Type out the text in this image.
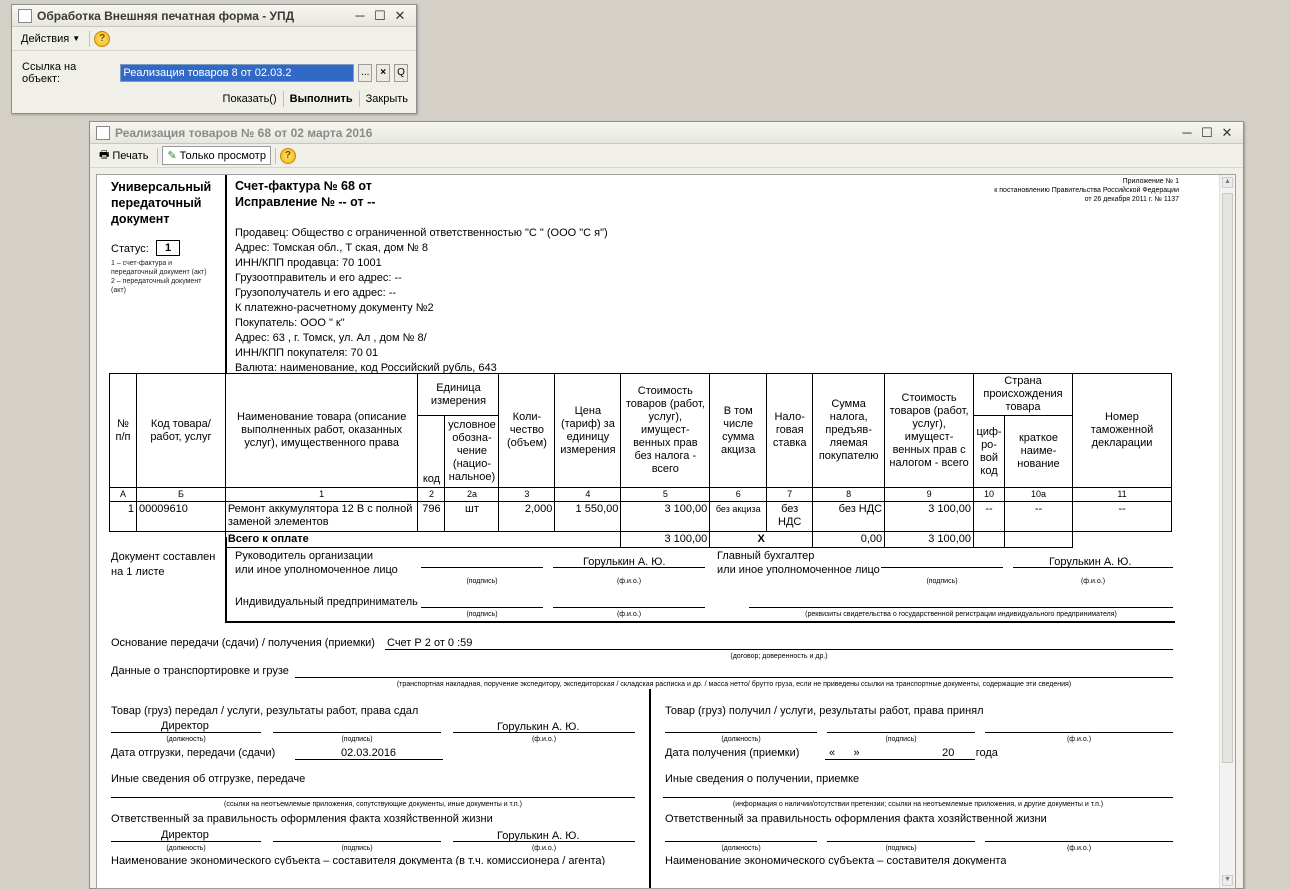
Обработка Внешняя печатная форма - УПД	─ ☐ ✕
Действия ▼	?
Ссылка на объект:	Реализация товаров 8 от 02.03.2	...	×	Q
Показать() Выполнить Закрыть
Реализация товаров № 68 от 02 марта 2016	─ ☐ ✕
🖶 Печать ✎ Только просмотр	?
▲
▼
Универсальный
передаточный
документ
Статус:	1
1 – счет-фактура и
передаточный документ (акт)
2 – передаточный документ
(акт)
Счет-фактура № 68 от
Исправление № -- от --
Приложение № 1
к постановлению Правительства Российской Федерации
от 26 декабря 2011 г. № 1137
Продавец: Общество с ограниченной ответственностью "С " (ООО "С я")
Адрес: Томская обл., Т ская, дом № 8
ИНН/КПП продавца: 70 1001
Грузоотправитель и его адрес: --
Грузополучатель и его адрес: --
К платежно-расчетному документу №2
Покупатель: ООО " к"
Адрес: 63 , г. Томск, ул. Ал , дом № 8/
ИНН/КПП покупателя: 70 01
Валюта: наименование, код Российский рубль, 643
№ п/п	Код товара/ работ, услуг	Наименование товара (описание выполненных работ, оказанных услуг), имущественного права	Единица измерения		Коли-чество (объем)	Цена (тариф) за единицу измерения	Стоимость товаров (работ, услуг), имущест-венных прав без налога - всего	В том числе сумма акциза	Нало-говая ставка	Сумма налога, предъяв-ляемая покупателю	Стоимость товаров (работ, услуг), имущест-венных прав с налогом - всего	Страна происхождения товара		Номер таможенной декларации
			код	условное обозна-чение (нацио-нальное)								циф-ро-вой код	краткое наиме-нование	
А	Б	1	2	2а	3	4	5	6	7	8	9	10	10а	11
1	00009610	Ремонт аккумулятора 12 В с полной заменой элементов	796	шт	2,000	1 550,00	3 100,00	без акциза	без НДС	без НДС	3 100,00	--	--	--
		Всего к оплате					3 100,00	Х		0,00	3 100,00			
Документ составлен
на 1 листе
Руководитель организации
или иное уполномоченное лицо
(подпись)
Горулькин А. Ю.
(ф.и.о.)
Главный бухгалтер
или иное уполномоченное лицо
(подпись)
Горулькин А. Ю.
(ф.и.о.)
Индивидуальный предприниматель
(подпись)	(ф.и.о.)	(реквизиты свидетельства о государственной регистрации индивидуального предпринимателя)
Основание передачи (сдачи) / получения (приемки) Счет Р 2 от 0 :59
(договор; доверенность и др.)
Данные о транспортировке и грузе
(транспортная накладная, поручение экспедитору, экспедиторская / складская расписка и др. / масса нетто/ брутто груза, если не приведены ссылки на транспортные документы, содержащие эти сведения)
Товар (груз) передал / услуги, результаты работ, права сдал
Директор
(должность)	(подпись)
Горулькин А. Ю.
(ф.и.о.)
Дата отгрузки, передачи (сдачи)	02.03.2016
Иные сведения об отгрузке, передаче
(ссылки на неотъемлемые приложения, сопутствующие документы, иные документы и т.п.)
Ответственный за правильность оформления факта хозяйственной жизни
Директор
(должность)	(подпись)
Горулькин А. Ю.
(ф.и.о.)
Наименование экономического субъекта – составителя документа (в т.ч. комиссионера / агента)
Товар (груз) получил / услуги, результаты работ, права принял
(должность)	(подпись)	(ф.и.о.)
Дата получения (приемки)	«      »                           20       года
Иные сведения о получении, приемке
(информация о наличии/отсутствии претензии; ссылки на неотъемлемые приложения, и другие документы и т.п.)
Ответственный за правильность оформления факта хозяйственной жизни
(должность)	(подпись)	(ф.и.о.)
Наименование экономического субъекта – составителя документа
